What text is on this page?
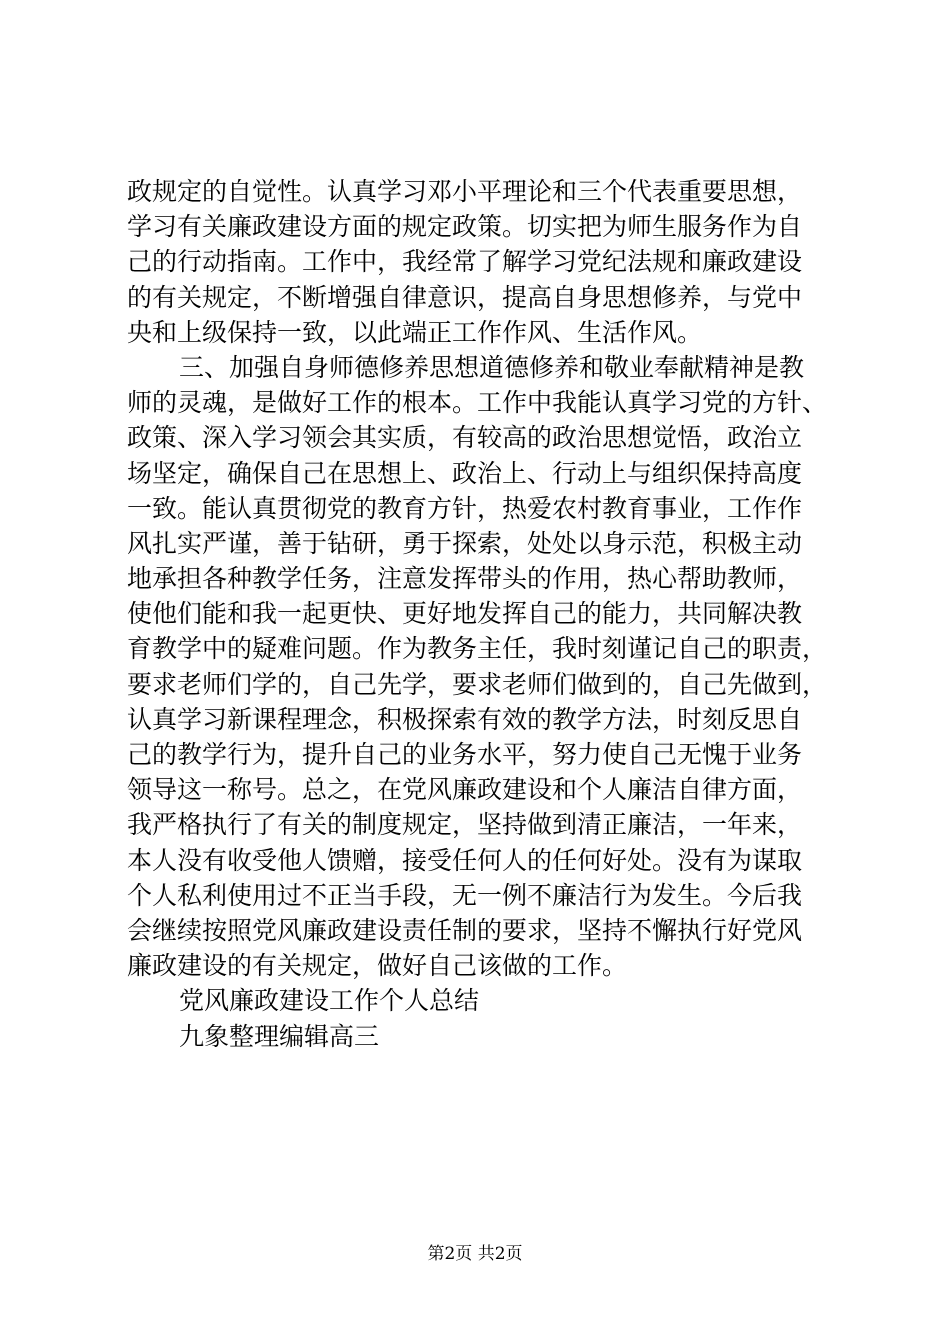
政规定的自觉性。认真学习邓小平理论和三个代表重要思想，
学习有关廉政建设方面的规定政策。切实把为师生服务作为自
己的行动指南。工作中，我经常了解学习党纪法规和廉政建设
的有关规定，不断增强自律意识，提高自身思想修养，与党中
央和上级保持一致，以此端正工作作风、生活作风。
三、加强自身师德修养思想道德修养和敬业奉献精神是教
师的灵魂，是做好工作的根本。工作中我能认真学习党的方针、
政策、深入学习领会其实质，有较高的政治思想觉悟，政治立
场坚定，确保自己在思想上、政治上、行动上与组织保持高度
一致。能认真贯彻党的教育方针，热爱农村教育事业，工作作
风扎实严谨，善于钻研，勇于探索，处处以身示范，积极主动
地承担各种教学任务，注意发挥带头的作用，热心帮助教师，
使他们能和我一起更快、更好地发挥自己的能力，共同解决教
育教学中的疑难问题。作为教务主任，我时刻谨记自己的职责，
要求老师们学的，自己先学，要求老师们做到的，自己先做到，
认真学习新课程理念，积极探索有效的教学方法，时刻反思自
己的教学行为，提升自己的业务水平，努力使自己无愧于业务
领导这一称号。总之，在党风廉政建设和个人廉洁自律方面，
我严格执行了有关的制度规定，坚持做到清正廉洁，一年来，
本人没有收受他人馈赠，接受任何人的任何好处。没有为谋取
个人私利使用过不正当手段，无一例不廉洁行为发生。今后我
会继续按照党风廉政建设责任制的要求，坚持不懈执行好党风
廉政建设的有关规定，做好自己该做的工作。
党风廉政建设工作个人总结
九象整理编辑高三
第2页 共2页
